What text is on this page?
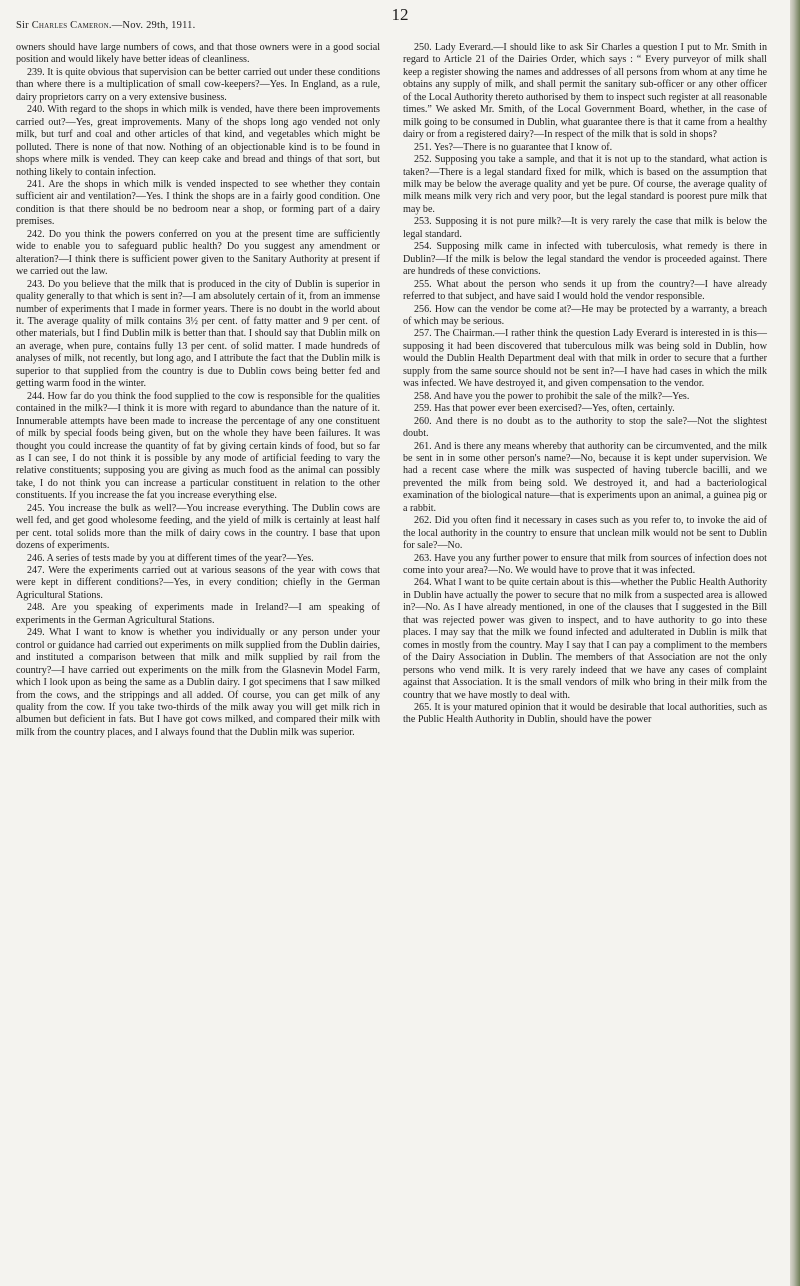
12
Sir Charles Cameron.—Nov. 29th, 1911.

owners should have large numbers of cows, and that those owners were in a good social position and would likely have better ideas of cleanliness.

239. It is quite obvious that supervision can be better carried out under these conditions than where there is a multiplication of small cow-keepers?—Yes. In England, as a rule, dairy proprietors carry on a very extensive business.

240. With regard to the shops in which milk is vended, have there been improvements carried out?—Yes, great improvements. Many of the shops long ago vended not only milk, but turf and coal and other articles of that kind, and vegetables which might be polluted. There is none of that now. Nothing of an objectionable kind is to be found in shops where milk is vended. They can keep cake and bread and things of that sort, but nothing likely to contain infection.

241. Are the shops in which milk is vended inspected to see whether they contain sufficient air and ventilation?—Yes. I think the shops are in a fairly good condition. One condition is that there should be no bedroom near a shop, or forming part of a dairy premises.

242. Do you think the powers conferred on you at the present time are sufficiently wide to enable you to safeguard public health? Do you suggest any amendment or alteration?—I think there is sufficient power given to the Sanitary Authority at present if we carried out the law.

243. Do you believe that the milk that is produced in the city of Dublin is superior in quality generally to that which is sent in?—I am absolutely certain of it, from an immense number of experiments that I made in former years. There is no doubt in the world about it. The average quality of milk contains 3½ per cent. of fatty matter and 9 per cent. of other materials, but I find Dublin milk is better than that. I should say that Dublin milk on an average, when pure, contains fully 13 per cent. of solid matter. I made hundreds of analyses of milk, not recently, but long ago, and I attribute the fact that the Dublin milk is superior to that supplied from the country is due to Dublin cows being better fed and getting warm food in the winter.

244. How far do you think the food supplied to the cow is responsible for the qualities contained in the milk?—I think it is more with regard to abundance than the nature of it. Innumerable attempts have been made to increase the percentage of any one constituent of milk by special foods being given, but on the whole they have been failures. It was thought you could increase the quantity of fat by giving certain kinds of food, but so far as I can see, I do not think it is possible by any mode of artificial feeding to vary the relative constituents; supposing you are giving as much food as the animal can possibly take, I do not think you can increase a particular constituent in relation to the other constituents. If you increase the fat you increase everything else.

245. You increase the bulk as well?—You increase everything. The Dublin cows are well fed, and get good wholesome feeding, and the yield of milk is certainly at least half per cent. total solids more than the milk of dairy cows in the country. I base that upon dozens of experiments.

246. A series of tests made by you at different times of the year?—Yes.

247. Were the experiments carried out at various seasons of the year with cows that were kept in different conditions?—Yes, in every condition; chiefly in the German Agricultural Stations.

248. Are you speaking of experiments made in Ireland?—I am speaking of experiments in the German Agricultural Stations.

249. What I want to know is whether you individually or any person under your control or guidance had carried out experiments on milk supplied from the Dublin dairies, and instituted a comparison between that milk and milk supplied by rail from the country?—I have carried out experiments on the milk from the Glasnevin Model Farm, which I look upon as being the same as a Dublin dairy. I got specimens that I saw milked from the cows, and the strippings and all added. Of course, you can get milk of any quality from the cow. If you take two-thirds of the milk away you will get milk rich in albumen but deficient in fats. But I have got cows milked, and compared their milk with milk from the country places, and I always found that the Dublin milk was superior.

250. Lady Everard.—I should like to ask Sir Charles a question I put to Mr. Smith in regard to Article 21 of the Dairies Order, which says : “ Every purveyor of milk shall keep a register showing the names and addresses of all persons from whom at any time he obtains any supply of milk, and shall permit the sanitary sub-officer or any other officer of the Local Authority thereto authorised by them to inspect such register at all reasonable times.” We asked Mr. Smith, of the Local Government Board, whether, in the case of milk going to be consumed in Dublin, what guarantee there is that it came from a healthy dairy or from a registered dairy?—In respect of the milk that is sold in shops?

251. Yes?—There is no guarantee that I know of.

252. Supposing you take a sample, and that it is not up to the standard, what action is taken?—There is a legal standard fixed for milk, which is based on the assumption that milk may be below the average quality and yet be pure. Of course, the average quality of milk means milk very rich and very poor, but the legal standard is poorest pure milk that may be.

253. Supposing it is not pure milk?—It is very rarely the case that milk is below the legal standard.

254. Supposing milk came in infected with tuberculosis, what remedy is there in Dublin?—If the milk is below the legal standard the vendor is proceeded against. There are hundreds of these convictions.

255. What about the person who sends it up from the country?—I have already referred to that subject, and have said I would hold the vendor responsible.

256. How can the vendor be come at?—He may be protected by a warranty, a breach of which may be serious.

257. The Chairman.—I rather think the question Lady Everard is interested in is this—supposing it had been discovered that tuberculous milk was being sold in Dublin, how would the Dublin Health Department deal with that milk in order to secure that a further supply from the same source should not be sent in?—I have had cases in which the milk was infected. We have destroyed it, and given compensation to the vendor.

258. And have you the power to prohibit the sale of the milk?—Yes.

259. Has that power ever been exercised?—Yes, often, certainly.

260. And there is no doubt as to the authority to stop the sale?—Not the slightest doubt.

261. And is there any means whereby that authority can be circumvented, and the milk be sent in in some other person's name?—No, because it is kept under supervision. We had a recent case where the milk was suspected of having tubercle bacilli, and we prevented the milk from being sold. We destroyed it, and had a bacteriological examination of the biological nature—that is experiments upon an animal, a guinea pig or a rabbit.

262. Did you often find it necessary in cases such as you refer to, to invoke the aid of the local authority in the country to ensure that unclean milk would not be sent to Dublin for sale?—No.

263. Have you any further power to ensure that milk from sources of infection does not come into your area?—No. We would have to prove that it was infected.

264. What I want to be quite certain about is this—whether the Public Health Authority in Dublin have actually the power to secure that no milk from a suspected area is allowed in?—No. As I have already mentioned, in one of the clauses that I suggested in the Bill that was rejected power was given to inspect, and to have authority to go into these places. I may say that the milk we found infected and adulterated in Dublin is milk that comes in mostly from the country. May I say that I can pay a compliment to the members of the Dairy Association in Dublin. The members of that Association are not the only persons who vend milk. It is very rarely indeed that we have any cases of complaint against that Association. It is the small vendors of milk who bring in their milk from the country that we have mostly to deal with.

265. It is your matured opinion that it would be desirable that local authorities, such as the Public Health Authority in Dublin, should have the power
